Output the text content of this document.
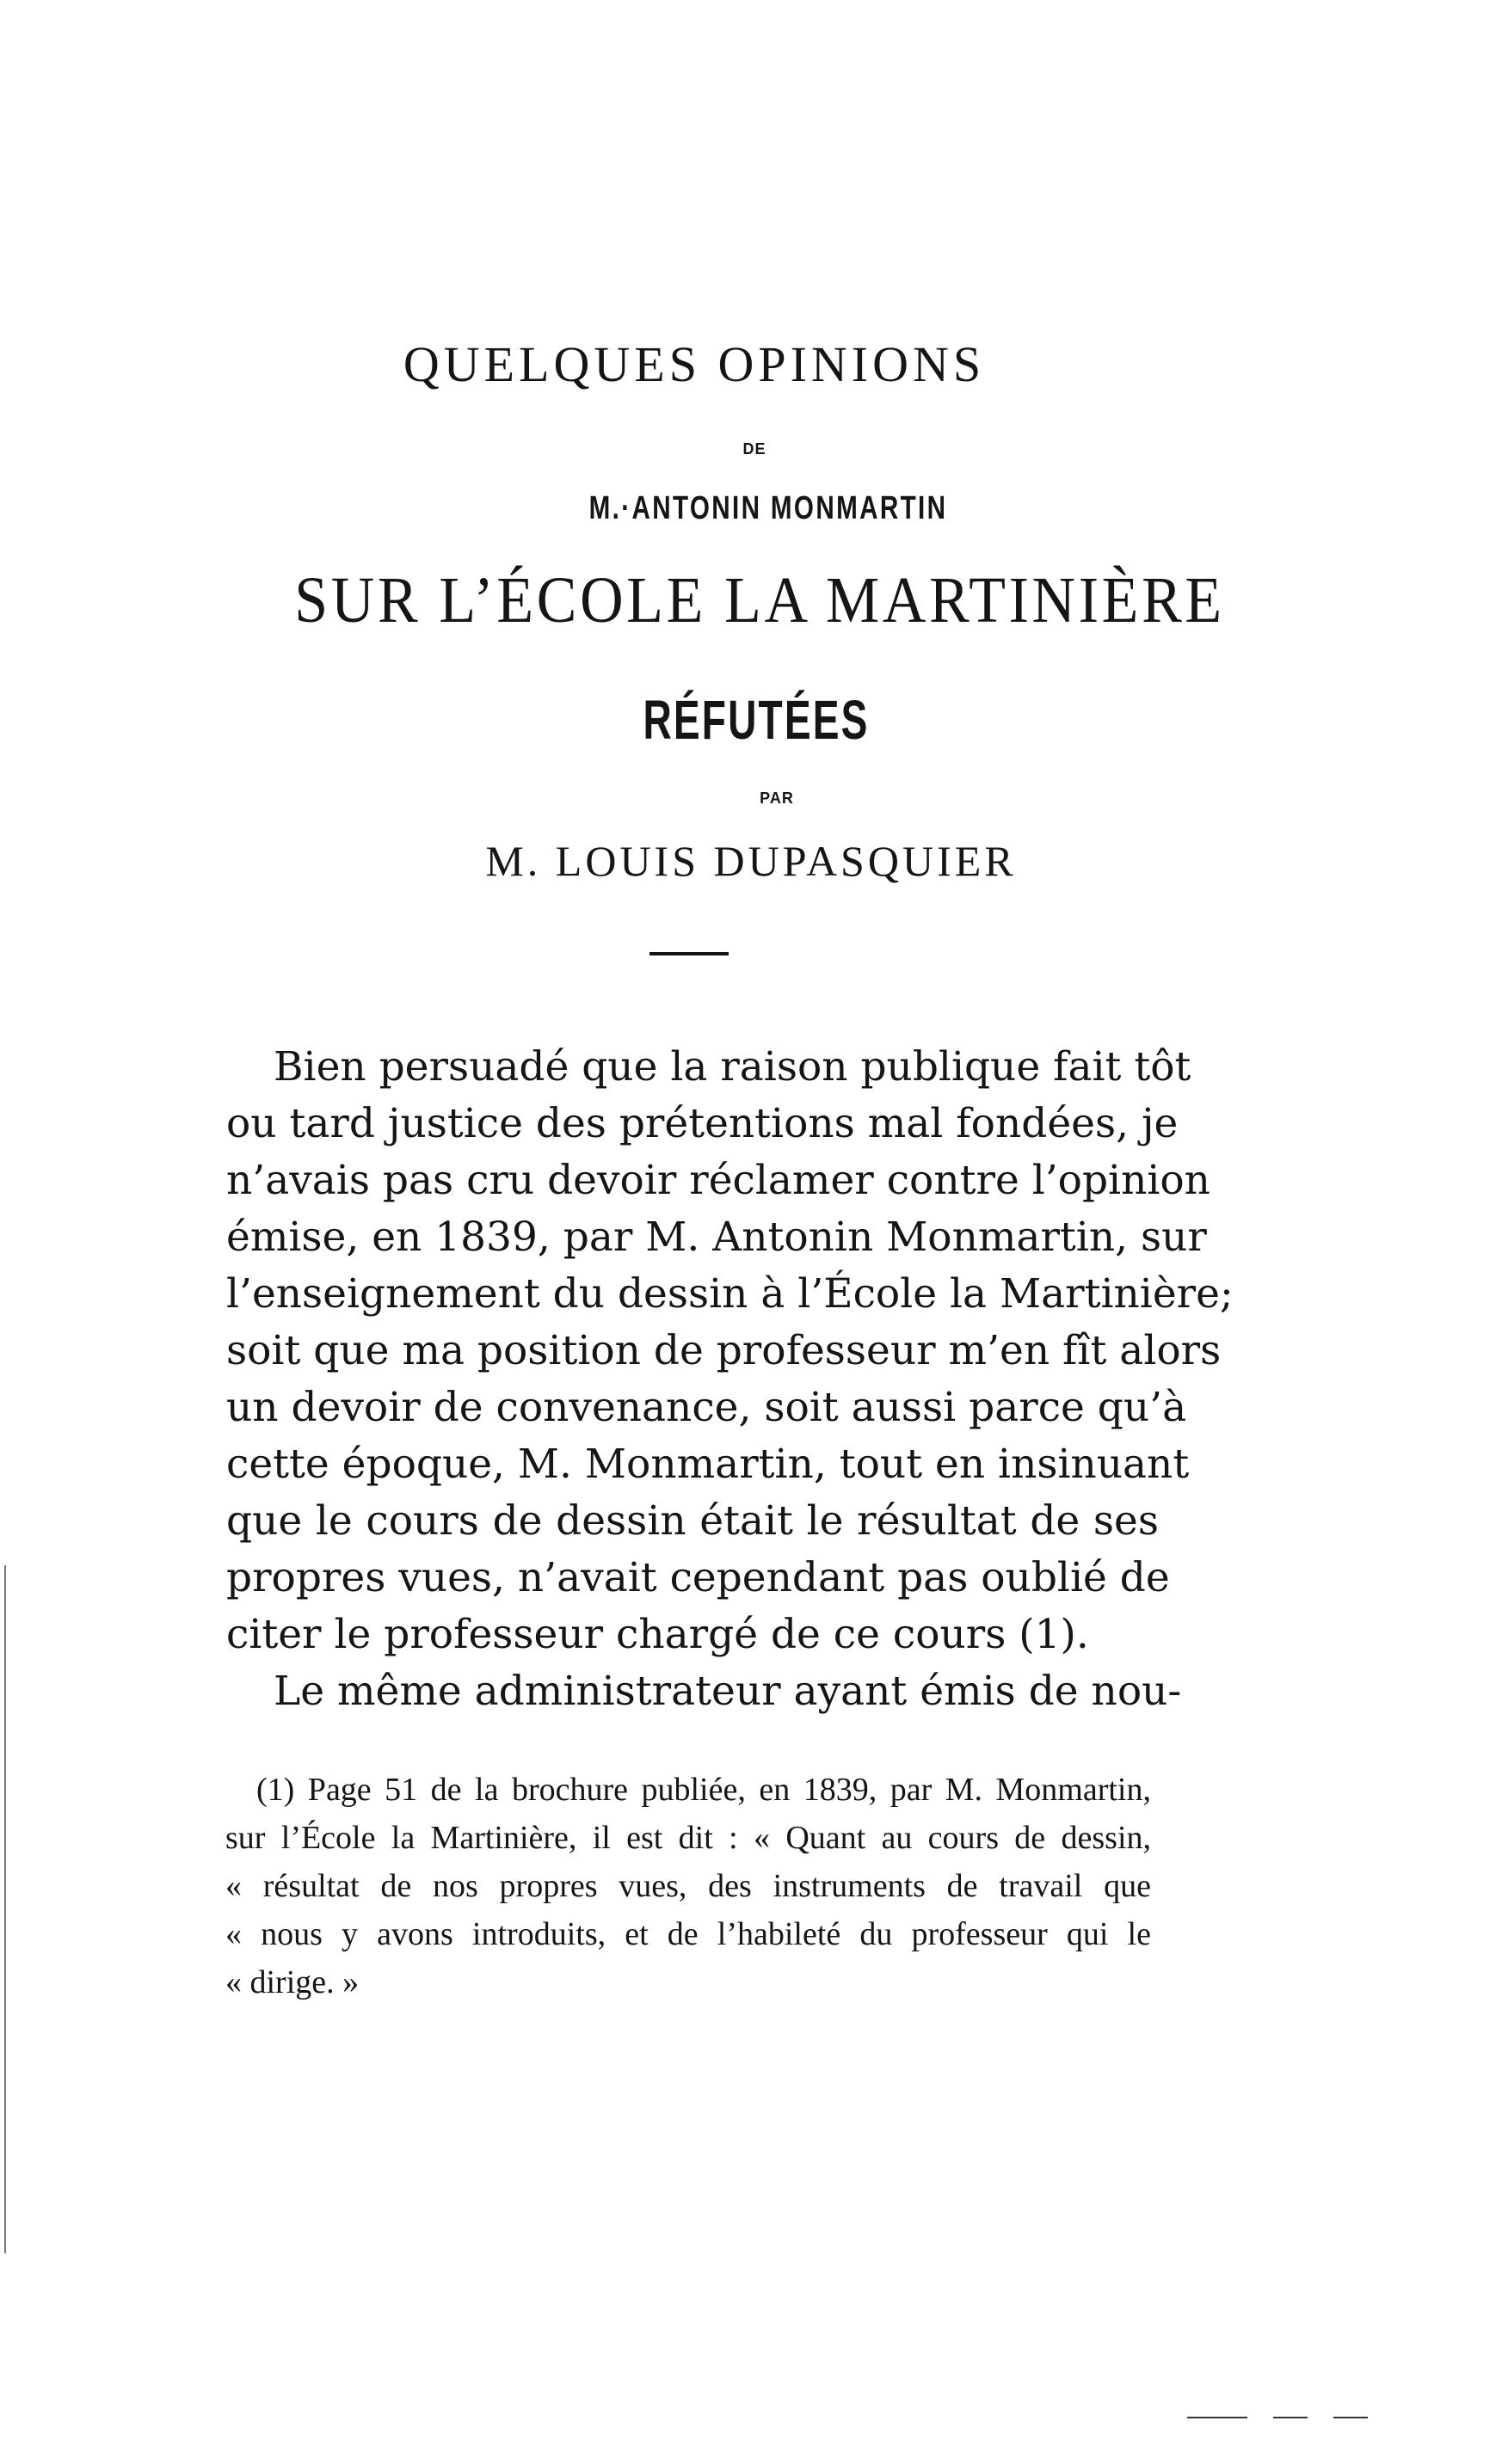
QUELQUES OPINIONS
DE
M.·ANTONIN MONMARTIN
SUR L’ÉCOLE LA MARTINIÈRE
RÉFUTÉES
PAR
M. LOUIS DUPASQUIER
Bien persuadé que la raison publique fait tôt
ou tard justice des prétentions mal fondées, je
n’avais pas cru devoir réclamer contre l’opinion
émise, en 1839, par M. Antonin Monmartin, sur
l’enseignement du dessin à l’École la Martinière;
soit que ma position de professeur m’en fît alors
un devoir de convenance, soit aussi parce qu’à
cette époque, M. Monmartin, tout en insinuant
que le cours de dessin était le résultat de ses
propres vues, n’avait cependant pas oublié de
citer le professeur chargé de ce cours (1).
Le même administrateur ayant émis de nou-
(1) Page 51 de la brochure publiée, en 1839, par M. Monmartin,
sur l’École la Martinière, il est dit : « Quant au cours de dessin,
« résultat de nos propres vues, des instruments de travail que
« nous y avons introduits, et de l’habileté du professeur qui le
« dirige. »
